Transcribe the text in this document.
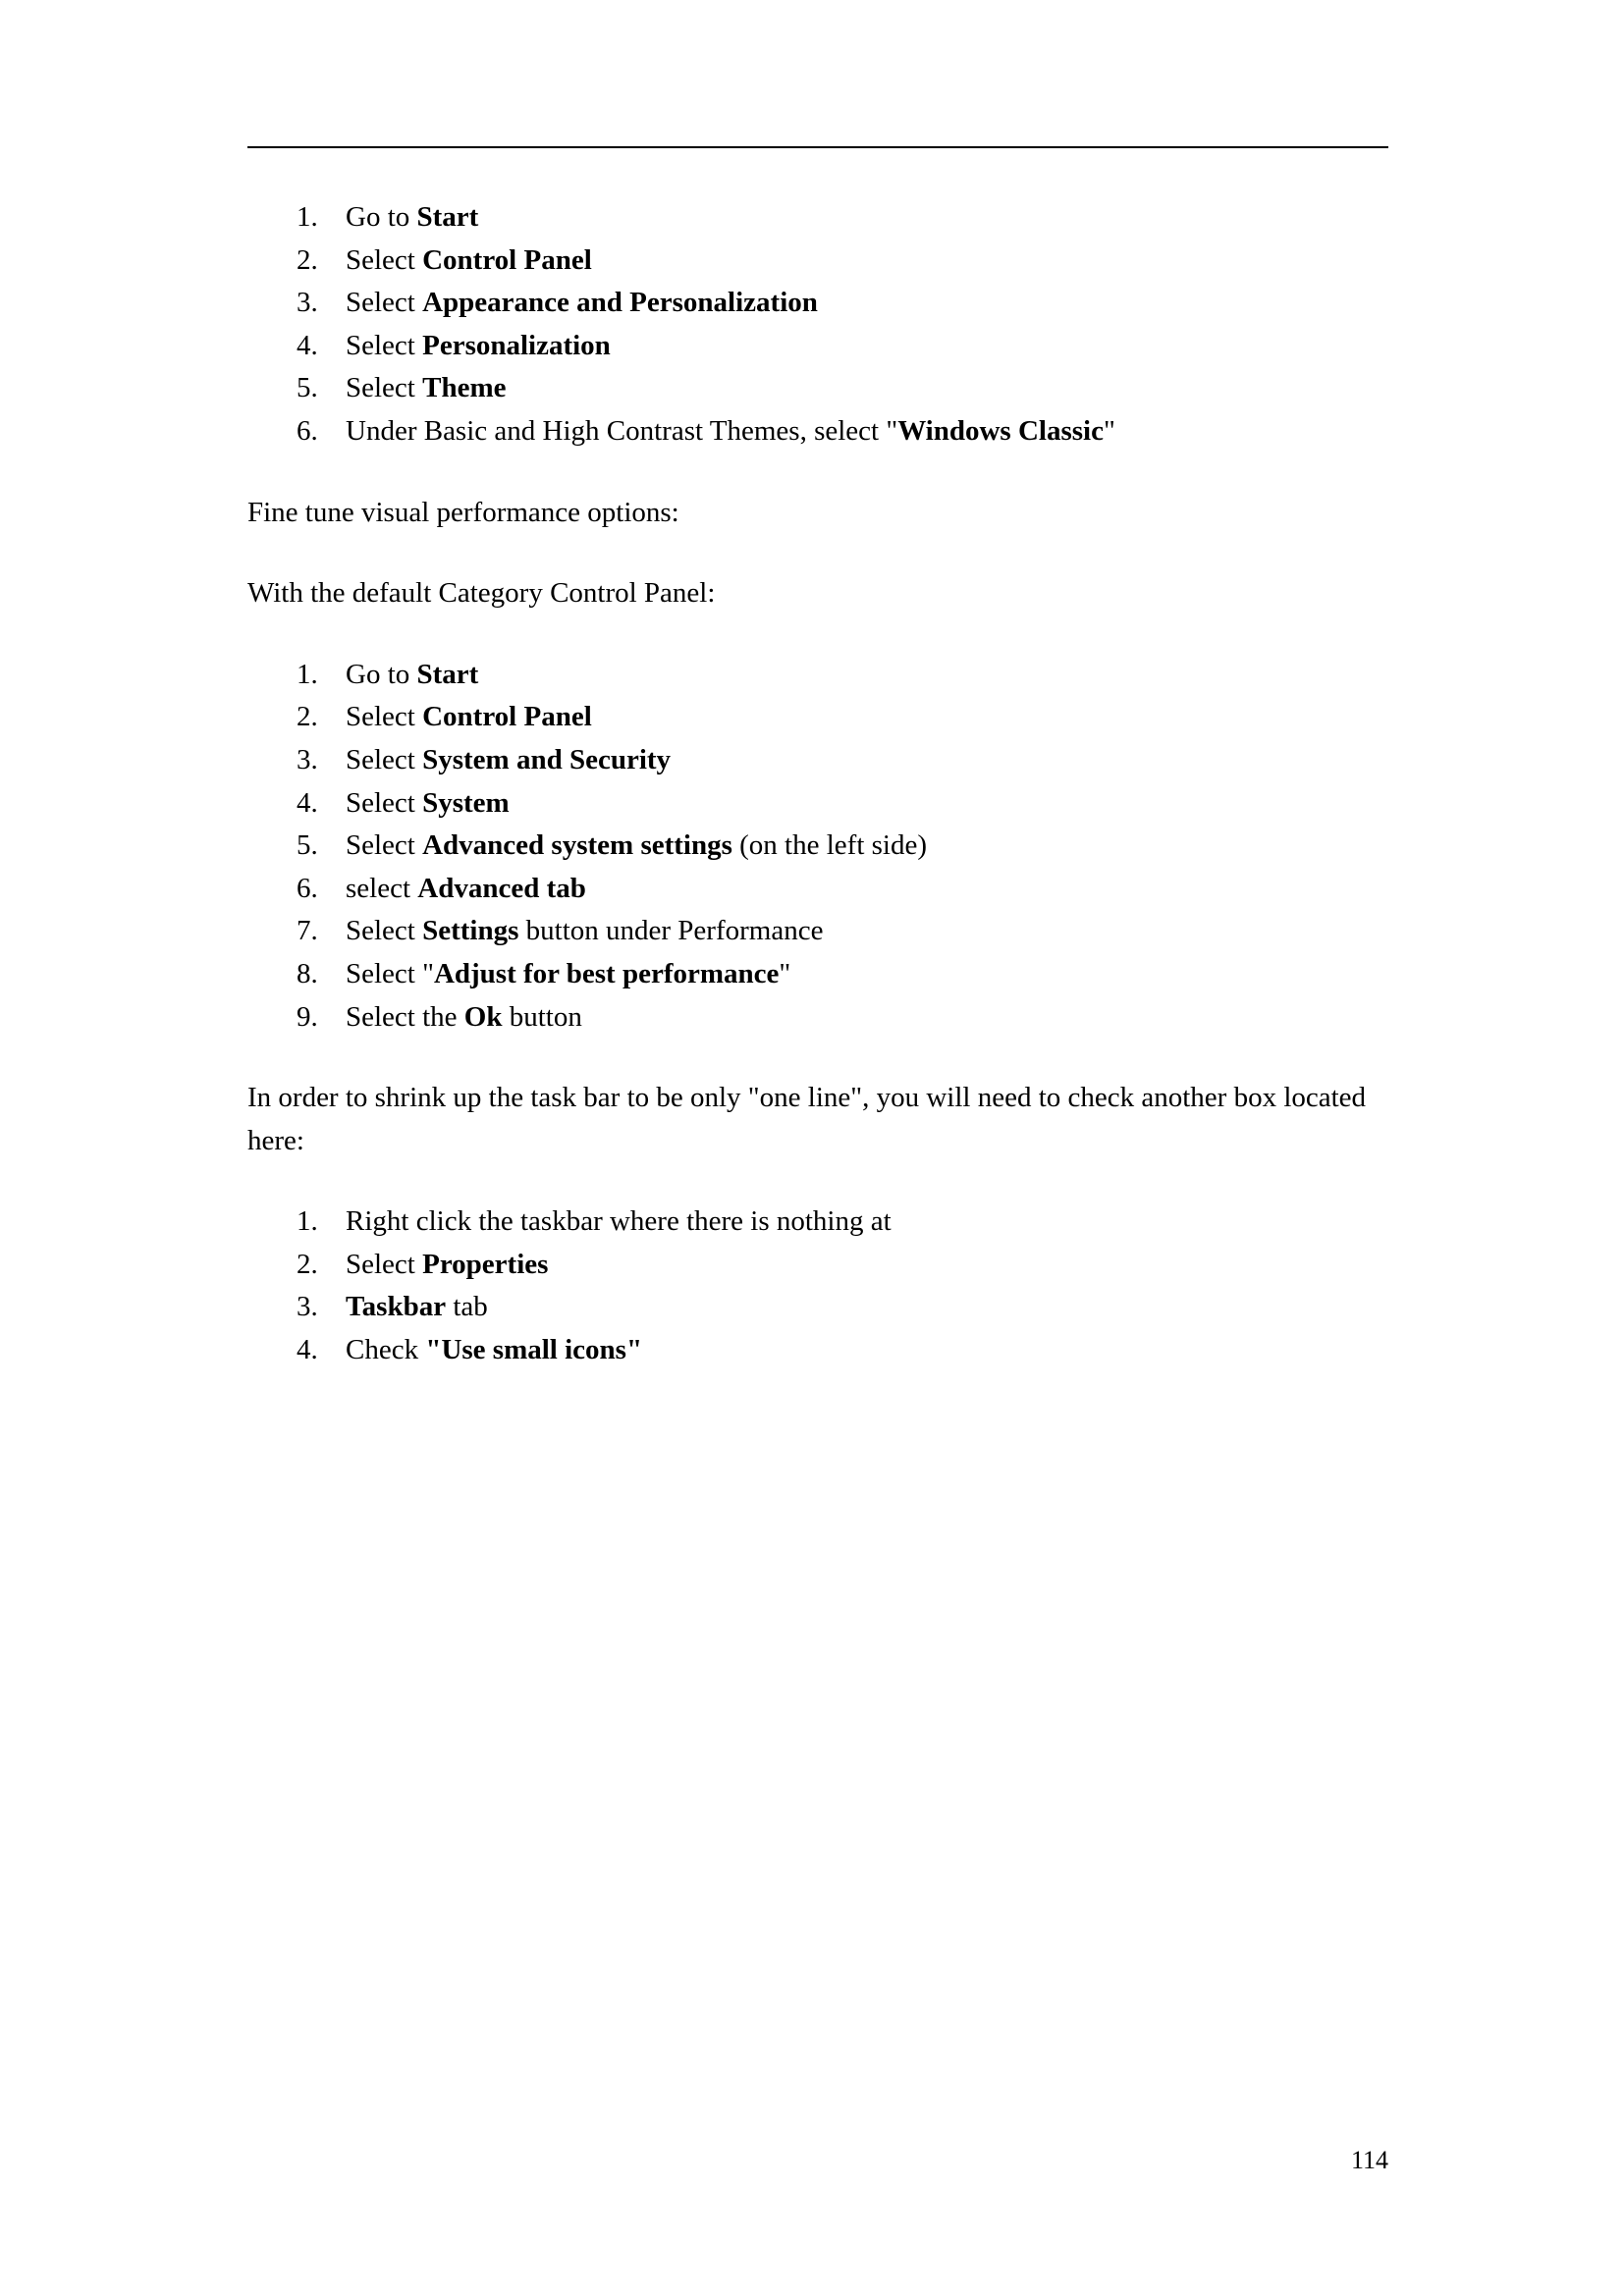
1. Go to Start
2. Select Control Panel
3. Select Appearance and Personalization
4. Select Personalization
5. Select Theme
6. Under Basic and High Contrast Themes, select "Windows Classic"

Fine tune visual performance options:

With the default Category Control Panel:

1. Go to Start
2. Select Control Panel
3. Select System and Security
4. Select System
5. Select Advanced system settings (on the left side)
6. select Advanced tab
7. Select Settings button under Performance
8. Select "Adjust for best performance"
9. Select the Ok button

In order to shrink up the task bar to be only "one line", you will need to check another box located here:

1. Right click the taskbar where there is nothing at
2. Select Properties
3. Taskbar tab
4. Check "Use small icons"
114
